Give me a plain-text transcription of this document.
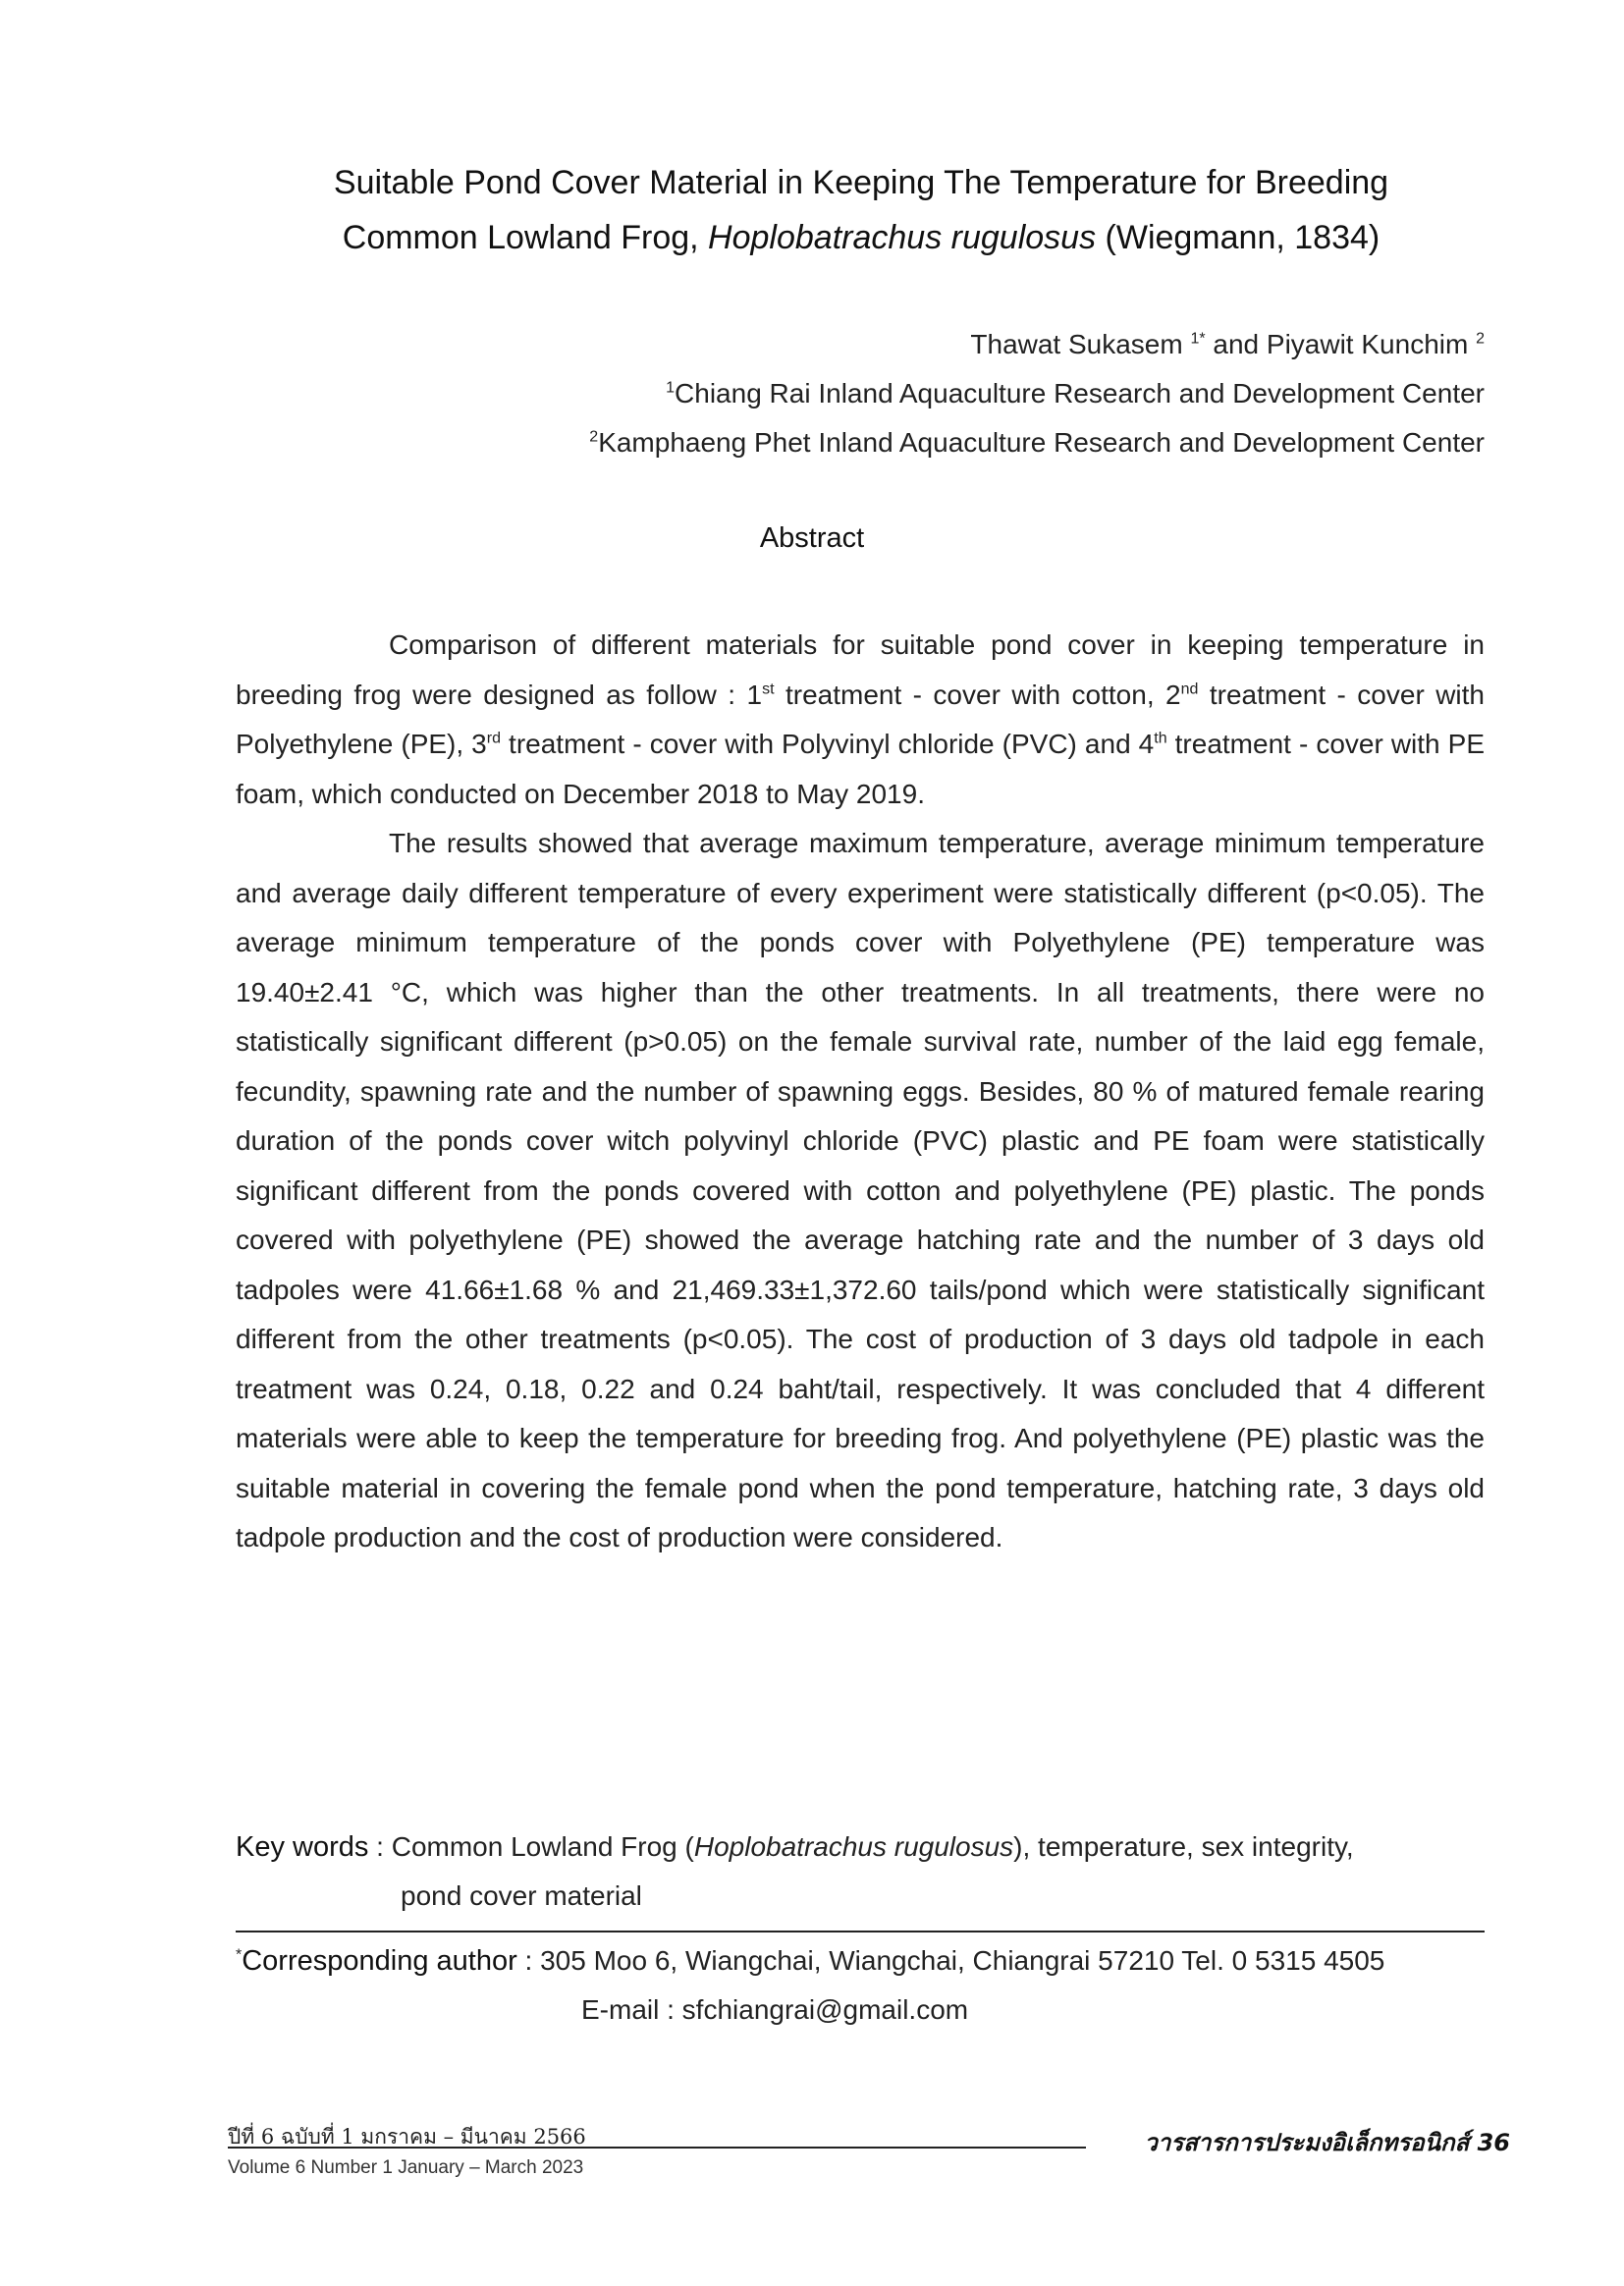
Suitable Pond Cover Material in Keeping The Temperature for Breeding
Common Lowland Frog, Hoplobatrachus rugulosus (Wiegmann, 1834)
Thawat Sukasem $^{1*}$ and Piyawit Kunchim $^2$
$^1$Chiang Rai Inland Aquaculture Research and Development Center
$^2$Kamphaeng Phet Inland Aquaculture Research and Development Center
Abstract

Comparison of different materials for suitable pond cover in keeping temperature in breeding frog were designed as follow : 1st treatment - cover with cotton, 2nd treatment - cover with Polyethylene (PE), 3rd treatment - cover with Polyvinyl chloride (PVC) and 4th treatment - cover with PE foam, which conducted on December 2018 to May 2019.

The results showed that average maximum temperature, average minimum temperature and average daily different temperature of every experiment were statistically different (p<0.05). The average minimum temperature of the ponds cover with Polyethylene (PE) temperature was 19.40±2.41 °C, which was higher than the other treatments. In all treatments, there were no statistically significant different (p>0.05) on the female survival rate, number of the laid egg female, fecundity, spawning rate and the number of spawning eggs. Besides, 80 % of matured female rearing duration of the ponds cover witch polyvinyl chloride (PVC) plastic and PE foam were statistically significant different from the ponds covered with cotton and polyethylene (PE) plastic. The ponds covered with polyethylene (PE) showed the average hatching rate and the number of 3 days old tadpoles were 41.66±1.68 % and 21,469.33±1,372.60 tails/pond which were statistically significant different from the other treatments (p<0.05). The cost of production of 3 days old tadpole in each treatment was 0.24, 0.18, 0.22 and 0.24 baht/tail, respectively. It was concluded that 4 different materials were able to keep the temperature for breeding frog. And polyethylene (PE) plastic was the suitable material in covering the female pond when the pond temperature, hatching rate, 3 days old tadpole production and the cost of production were considered.

Key words : Common Lowland Frog (Hoplobatrachus rugulosus), temperature, sex integrity,
pond cover material
*Corresponding author : 305 Moo 6, Wiangchai, Wiangchai, Chiangrai 57210 Tel. 0 5315 4505
E-mail : sfchiangrai@gmail.com
ปีที่ 6 ฉบับที่ 1 มกราคม – มีนาคม 2566	วารสารการประมงอิเล็กทรอนิกส์ 36
Volume 6 Number 1 January – March 2023
